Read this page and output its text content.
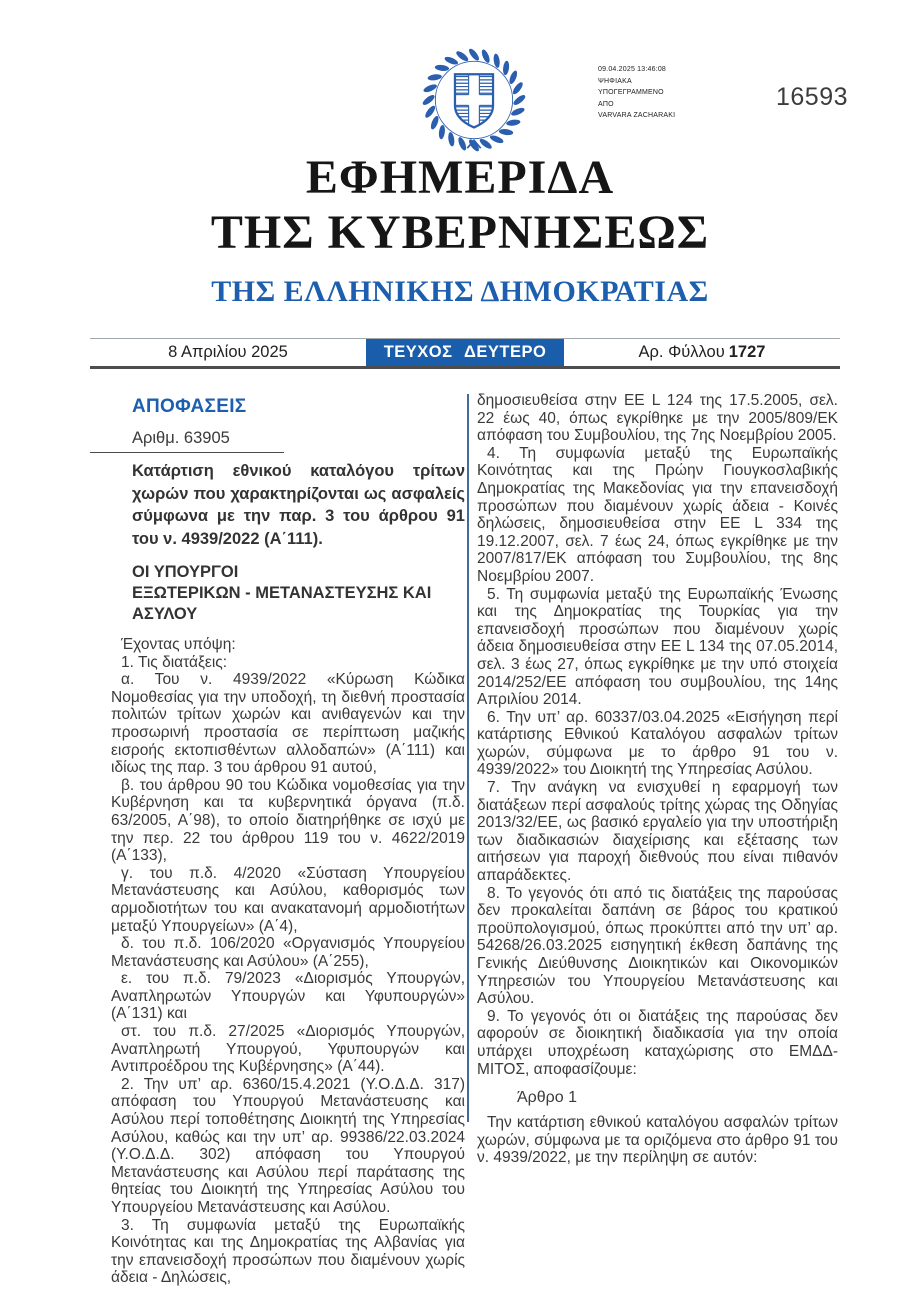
09.04.2025 13:46:08
ΨΗΦΙΑΚΑ
ΥΠΟΓΕΓΡΑΜΜΕΝΟ
ΑΠΟ
VARVARA ZACHARAKI
16593
ΕΦΗΜΕΡΙΔΑ
ΤΗΣ ΚΥΒΕΡΝΗΣΕΩΣ
ΤΗΣ ΕΛΛΗΝΙΚΗΣ ΔΗΜΟΚΡΑΤΙΑΣ
8 Απριλίου 2025	ΤΕΥΧΟΣ ΔΕΥΤΕΡΟ	Αρ. Φύλλου 1727
ΑΠΟΦΑΣΕΙΣ
Αριθμ. 63905
Κατάρτιση εθνικού καταλόγου τρίτων χωρών που χαρακτηρίζονται ως ασφαλείς σύμφωνα με την παρ. 3 του άρθρου 91 του ν. 4939/2022 (Α΄111).
ΟΙ ΥΠΟΥΡΓΟΙ
ΕΞΩΤΕΡΙΚΩΝ - ΜΕΤΑΝΑΣΤΕΥΣΗΣ ΚΑΙ ΑΣΥΛΟΥ

Έχοντας υπόψη:

1. Τις διατάξεις:

α. Του ν. 4939/2022 «Κύρωση Κώδικα Νομοθεσίας για την υποδοχή, τη διεθνή προστασία πολιτών τρίτων χωρών και ανιθαγενών και την προσωρινή προστασία σε περίπτωση μαζικής εισροής εκτοπισθέντων αλλοδαπών» (Α΄111) και ιδίως της παρ. 3 του άρθρου 91 αυτού,

β. του άρθρου 90 του Κώδικα νομοθεσίας για την Κυβέρνηση και τα κυβερνητικά όργανα (π.δ. 63/2005, Α΄98), το οποίο διατηρήθηκε σε ισχύ με την περ. 22 του άρθρου 119 του ν. 4622/2019 (Α΄133),

γ. του π.δ. 4/2020 «Σύσταση Υπουργείου Μετανάστευσης και Ασύλου, καθορισμός των αρμοδιοτήτων του και ανακατανομή αρμοδιοτήτων μεταξύ Υπουργείων» (Α΄4),

δ. του π.δ. 106/2020 «Οργανισμός Υπουργείου Μετανάστευσης και Ασύλου» (Α΄255),

ε. του π.δ. 79/2023 «Διορισμός Υπουργών, Αναπληρωτών Υπουργών και Υφυπουργών» (Α΄131) και

στ. του π.δ. 27/2025 «Διορισμός Υπουργών, Αναπληρωτή Υπουργού, Υφυπουργών και Αντιπροέδρου της Κυβέρνησης» (Α΄44).

2. Την υπ’ αρ. 6360/15.4.2021 (Υ.Ο.Δ.Δ. 317) απόφαση του Υπουργού Μετανάστευσης και Ασύλου περί τοποθέτησης Διοικητή της Υπηρεσίας Ασύλου, καθώς και την υπ’ αρ. 99386/22.03.2024 (Υ.Ο.Δ.Δ. 302) απόφαση του Υπουργού Μετανάστευσης και Ασύλου περί παράτασης της θητείας του Διοικητή της Υπηρεσίας Ασύλου του Υπουργείου Μετανάστευσης και Ασύλου.

3. Τη συμφωνία μεταξύ της Ευρωπαϊκής Κοινότητας και της Δημοκρατίας της Αλβανίας για την επανεισδοχή προσώπων που διαμένουν χωρίς άδεια - Δηλώσεις,

δημοσιευθείσα στην ΕΕ L 124 της 17.5.2005, σελ. 22 έως 40, όπως εγκρίθηκε με την 2005/809/ΕΚ απόφαση του Συμβουλίου, της 7ης Νοεμβρίου 2005.

4. Τη συμφωνία μεταξύ της Ευρωπαϊκής Κοινότητας και της Πρώην Γιουγκοσλαβικής Δημοκρατίας της Μακεδονίας για την επανεισδοχή προσώπων που διαμένουν χωρίς άδεια - Κοινές δηλώσεις, δημοσιευθείσα στην ΕΕ L 334 της 19.12.2007, σελ. 7 έως 24, όπως εγκρίθηκε με την 2007/817/ΕΚ απόφαση του Συμβουλίου, της 8ης Νοεμβρίου 2007.

5. Τη συμφωνία μεταξύ της Ευρωπαϊκής Ένωσης και της Δημοκρατίας της Τουρκίας για την επανεισδοχή προσώπων που διαμένουν χωρίς άδεια δημοσιευθείσα στην ΕΕ L 134 της 07.05.2014, σελ. 3 έως 27, όπως εγκρίθηκε με την υπό στοιχεία 2014/252/ΕΕ απόφαση του συμβουλίου, της 14ης Απριλίου 2014.

6. Την υπ’ αρ. 60337/03.04.2025 «Εισήγηση περί κατάρτισης Εθνικού Καταλόγου ασφαλών τρίτων χωρών, σύμφωνα με το άρθρο 91 του ν. 4939/2022» του Διοικητή της Υπηρεσίας Ασύλου.

7. Την ανάγκη να ενισχυθεί η εφαρμογή των διατάξεων περί ασφαλούς τρίτης χώρας της Οδηγίας 2013/32/ΕΕ, ως βασικό εργαλείο για την υποστήριξη των διαδικασιών διαχείρισης και εξέτασης των αιτήσεων για παροχή διεθνούς που είναι πιθανόν απαράδεκτες.

8. Το γεγονός ότι από τις διατάξεις της παρούσας δεν προκαλείται δαπάνη σε βάρος του κρατικού προϋπολογισμού, όπως προκύπτει από την υπ’ αρ. 54268/26.03.2025 εισηγητική έκθεση δαπάνης της Γενικής Διεύθυνσης Διοικητικών και Οικονομικών Υπηρεσιών του Υπουργείου Μετανάστευσης και Ασύλου.

9. Το γεγονός ότι οι διατάξεις της παρούσας δεν αφορούν σε διοικητική διαδικασία για την οποία υπάρχει υποχρέωση καταχώρισης στο ΕΜΔΔ-ΜΙΤΟΣ, αποφασίζουμε:

Άρθρο 1

Την κατάρτιση εθνικού καταλόγου ασφαλών τρίτων χωρών, σύμφωνα με τα οριζόμενα στο άρθρο 91 του ν. 4939/2022, με την περίληψη σε αυτόν:
